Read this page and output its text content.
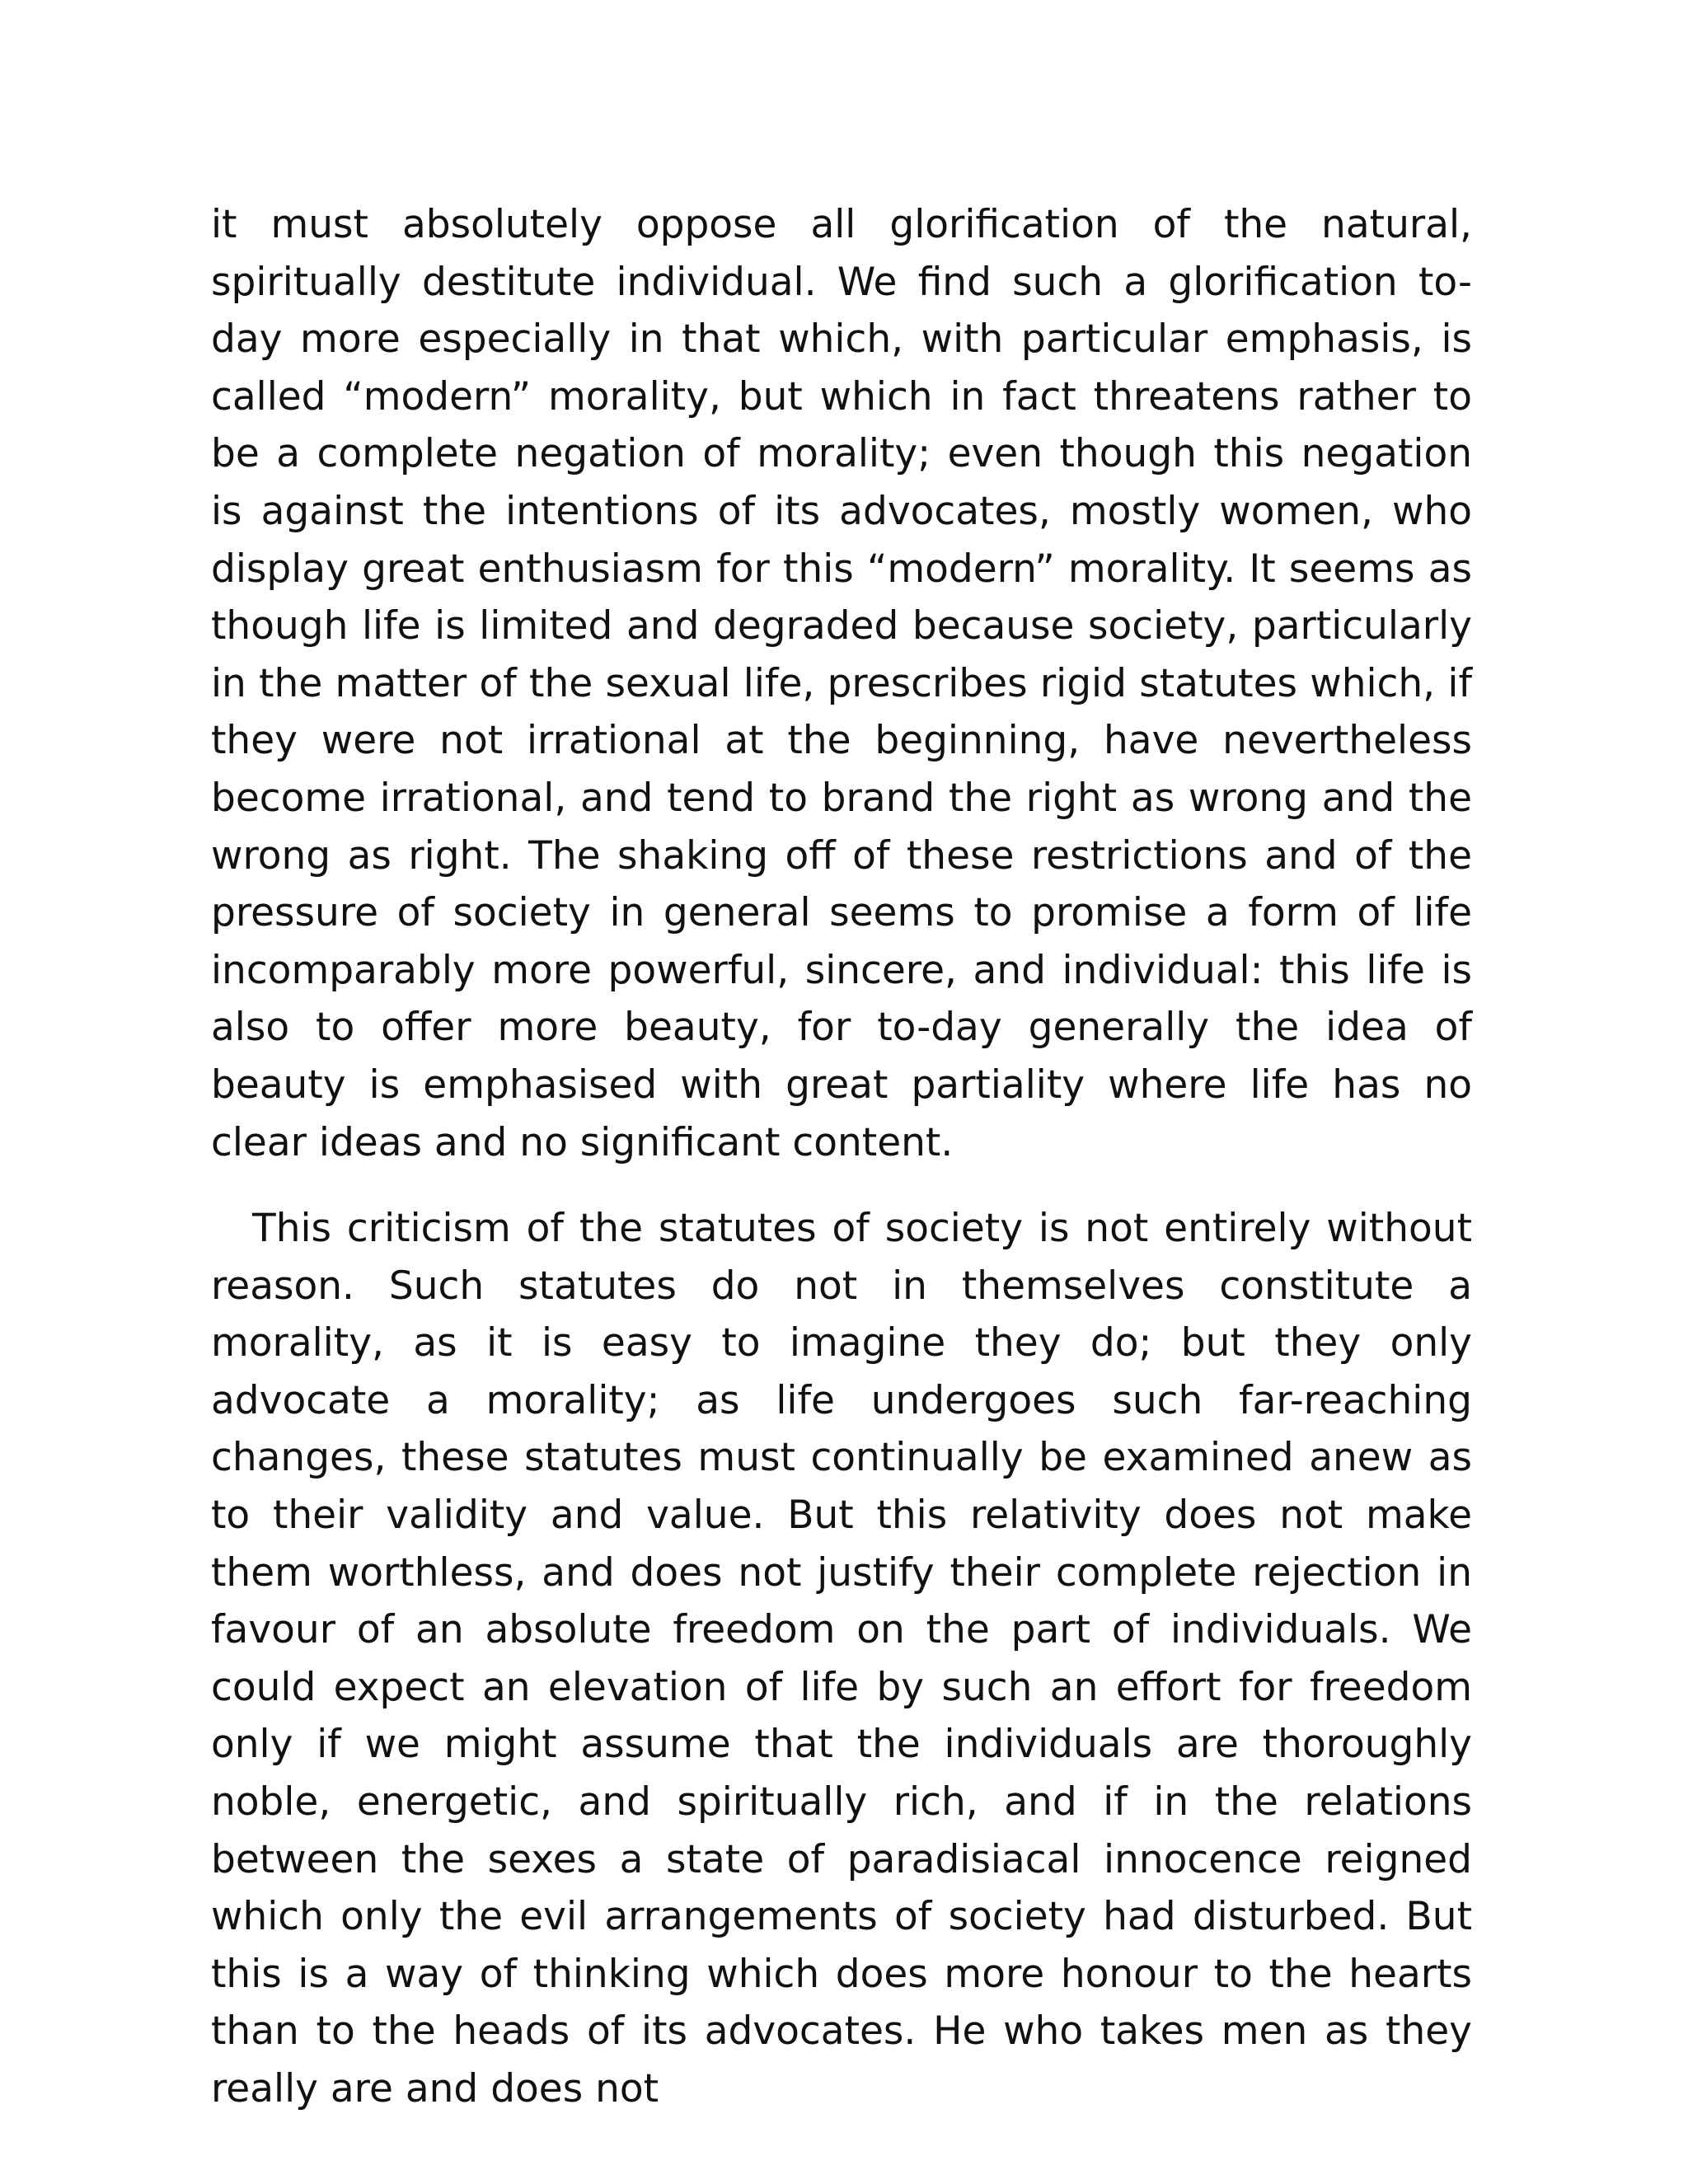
it must absolutely oppose all glorification of the natural, spiritually destitute individual. We find such a glorification to-day more especially in that which, with particular emphasis, is called “modern” morality, but which in fact threatens rather to be a complete negation of morality; even though this negation is against the intentions of its advocates, mostly women, who display great enthusiasm for this “modern” morality. It seems as though life is limited and degraded because society, particularly in the matter of the sexual life, prescribes rigid statutes which, if they were not irrational at the beginning, have nevertheless become irrational, and tend to brand the right as wrong and the wrong as right. The shaking off of these restrictions and of the pressure of society in general seems to promise a form of life incomparably more powerful, sincere, and individual: this life is also to offer more beauty, for to-day generally the idea of beauty is emphasised with great partiality where life has no clear ideas and no significant content.

This criticism of the statutes of society is not entirely without reason. Such statutes do not in themselves constitute a morality, as it is easy to imagine they do; but they only advocate a morality; as life undergoes such far-reaching changes, these statutes must continually be examined anew as to their validity and value. But this relativity does not make them worthless, and does not justify their complete rejection in favour of an absolute freedom on the part of individuals. We could expect an elevation of life by such an effort for freedom only if we might assume that the individuals are thoroughly noble, energetic, and spiritually rich, and if in the relations between the sexes a state of paradisiacal innocence reigned which only the evil arrangements of society had disturbed. But this is a way of thinking which does more honour to the hearts than to the heads of its advocates. He who takes men as they really are and does not
